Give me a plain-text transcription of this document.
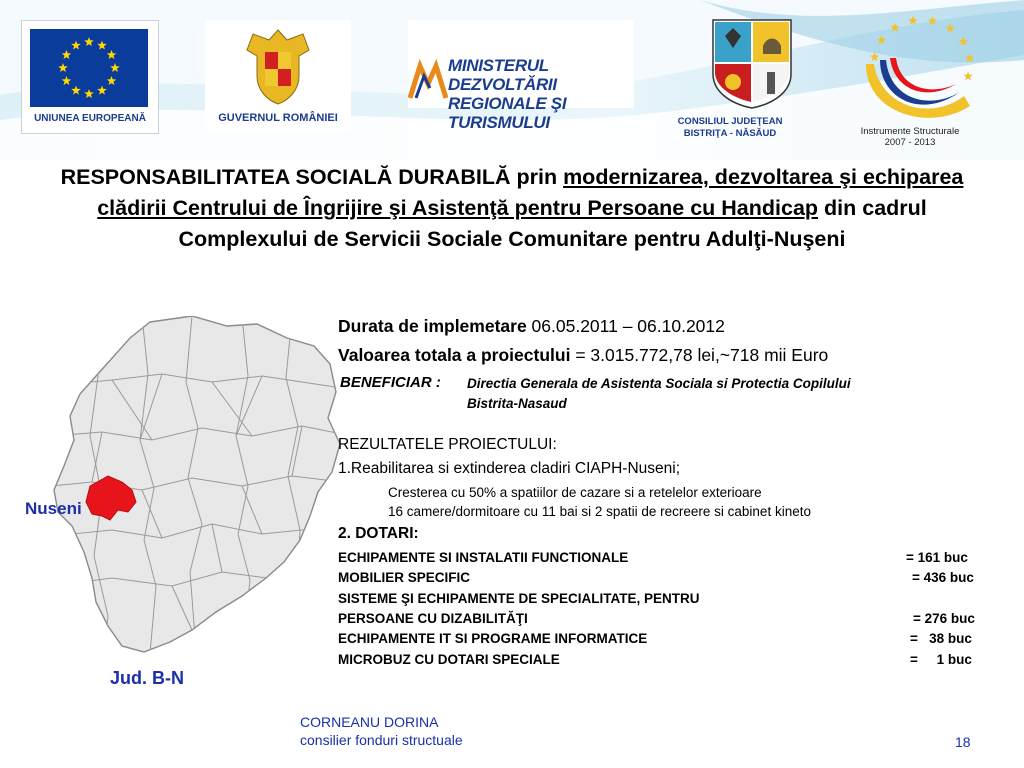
UNIUNEA EUROPEANĂ	GUVERNUL ROMÂNIEI
MINISTERUL DEZVOLTĂRII
REGIONALE ŞI TURISMULUI	CONSILIUL JUDEŢEAN
BISTRIŢA - NĂSĂUD	Instrumente Structurale
2007 - 2013
RESPONSABILITATEA SOCIALĂ DURABILĂ prin modernizarea, dezvoltarea şi echiparea clădirii Centrului de Îngrijire şi Asistenţă pentru Persoane cu Handicap din cadrul Complexului de Servicii Sociale Comunitare pentru Adulţi-Nuşeni
Nuseni
Jud. B-N
Durata de implemetare 06.05.2011 – 06.10.2012
Valoarea totala a proiectului = 3.015.772,78 lei,~718 mii Euro
BENEFICIAR : Directia Generala de Asistenta Sociala si Protectia Copilului
Bistrita-Nasaud
REZULTATELE PROIECTULUI:
1.Reabilitarea si extinderea cladiri CIAPH-Nuseni;
Cresterea cu 50% a spatiilor de cazare si a retelelor exterioare
16 camere/dormitoare cu 11 bai si 2 spatii de recreere si cabinet kineto
2. DOTARI:
ECHIPAMENTE SI INSTALATII FUNCTIONALE	= 161 buc
MOBILIER SPECIFIC	= 436 buc
SISTEME ŞI ECHIPAMENTE DE SPECIALITATE, PENTRU
PERSOANE CU DIZABILITĂŢI	= 276 buc
ECHIPAMENTE IT SI PROGRAME INFORMATICE	=   38 buc
MICROBUZ CU DOTARI SPECIALE	=     1 buc
CORNEANU DORINA
consilier fonduri structuale	18
